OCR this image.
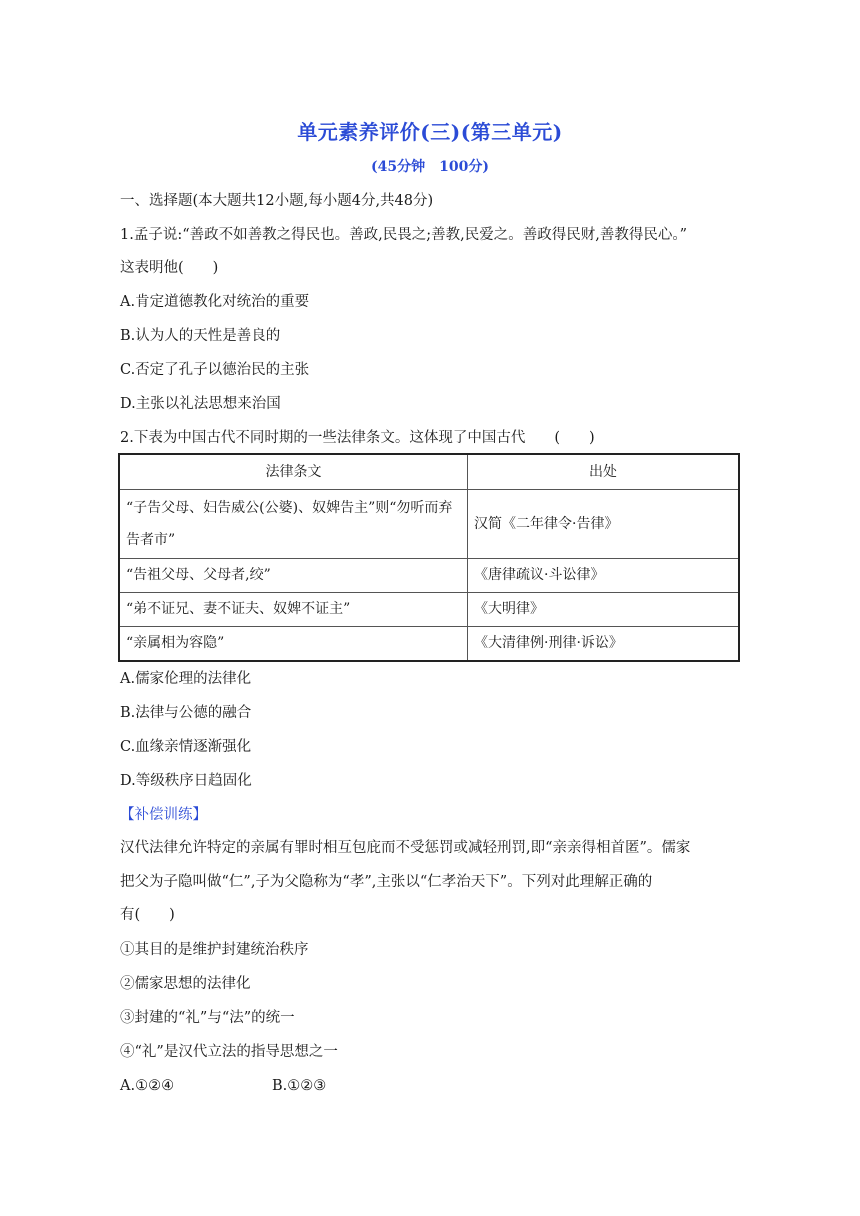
单元素养评价(三)(第三单元)
(45分钟　100分)
一、选择题(本大题共12小题,每小题4分,共48分)
1.孟子说:“善政不如善教之得民也。善政,民畏之;善教,民爱之。善政得民财,善教得民心。”
这表明他(　　)
A.肯定道德教化对统治的重要
B.认为人的天性是善良的
C.否定了孔子以德治民的主张
D.主张以礼法思想来治国
2.下表为中国古代不同时期的一些法律条文。这体现了中国古代　　(　　)
法律条文	出处
“子告父母、妇告威公(公婆)、奴婢告主”则“勿听而弃告者市”	汉简《二年律令·告律》
“告祖父母、父母者,绞”	《唐律疏议·斗讼律》
“弟不证兄、妻不证夫、奴婢不证主”	《大明律》
“亲属相为容隐”	《大清律例·刑律·诉讼》
A.儒家伦理的法律化
B.法律与公德的融合
C.血缘亲情逐渐强化
D.等级秩序日趋固化
【补偿训练】
汉代法律允许特定的亲属有罪时相互包庇而不受惩罚或减轻刑罚,即“亲亲得相首匿”。儒家
把父为子隐叫做“仁”,子为父隐称为“孝”,主张以“仁孝治天下”。下列对此理解正确的
有(　　)
①其目的是维护封建统治秩序
②儒家思想的法律化
③封建的“礼”与“法”的统一
④“礼”是汉代立法的指导思想之一
A.①②④	B.①②③
